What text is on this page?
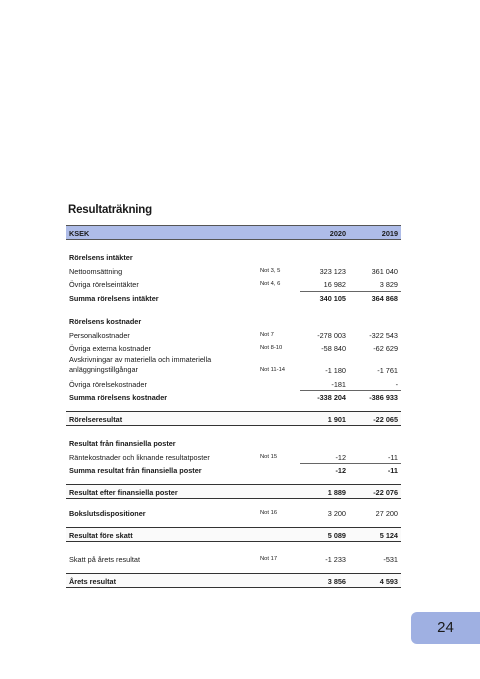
Resultaträkning
KSEK	2020	2019
Rörelsens intäkter
Nettoomsättning	Not 3, 5	323 123	361 040
Övriga rörelseintäkter	Not 4, 6	16 982	3 829
Summa rörelsens intäkter	340 105	364 868
Rörelsens kostnader
Personalkostnader	Not 7	-278 003	-322 543
Övriga externa kostnader	Not 8-10	-58 840	-62 629
Avskrivningar av materiella och immateriella
anläggningstillgångar	Not 11-14	-1 180	-1 761
Övriga rörelsekostnader	-181	-
Summa rörelsens kostnader	-338 204	-386 933
Rörelseresultat	1 901	-22 065
Resultat från finansiella poster
Räntekostnader och liknande resultatposter	Not 15	-12	-11
Summa resultat från finansiella poster	-12	-11
Resultat efter finansiella poster	1 889	-22 076
Bokslutsdispositioner	Not 16	3 200	27 200
Resultat före skatt	5 089	5 124
Skatt på årets resultat	Not 17	-1 233	-531
Årets resultat	3 856	4 593
24
